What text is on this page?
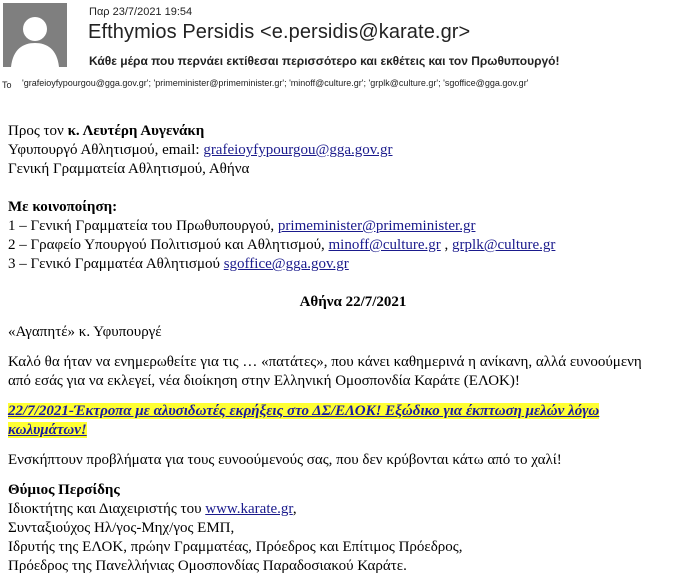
Παρ 23/7/2021 19:54
Efthymios Persidis <e.persidis@karate.gr>
Κάθε μέρα που περνάει εκτίθεσαι περισσότερο και εκθέτεις και τον Πρωθυπουργό!
To 'grafeioyfypourgou@gga.gov.gr'; 'primeminister@primeminister.gr'; 'minoff@culture.gr'; 'grplk@culture.gr'; 'sgoffice@gga.gov.gr'

Προς τον κ. Λευτέρη Αυγενάκη

Υφυπουργό Αθλητισμού, email: grafeioyfypourgou@gga.gov.gr

Γενική Γραμματεία Αθλητισμού, Αθήνα

Με κοινοποίηση:

1 – Γενική Γραμματεία του Πρωθυπουργού, primeminister@primeminister.gr

2 – Γραφείο Υπουργού Πολιτισμού και Αθλητισμού, minoff@culture.gr , grplk@culture.gr

3 – Γενικό Γραμματέα Αθλητισμού sgoffice@gga.gov.gr

Αθήνα 22/7/2021

«Αγαπητέ» κ. Υφυπουργέ

Καλό θα ήταν να ενημερωθείτε για τις … «πατάτες», που κάνει καθημερινά η ανίκανη, αλλά ευνοούμενη από εσάς για να εκλεγεί, νέα διοίκηση στην Ελληνική Ομοσπονδία Καράτε (ΕΛΟΚ)!

22/7/2021-Έκτροπα με αλυσιδωτές εκρήξεις στο ΔΣ/ΕΛΟΚ! Εξώδικο για έκπτωση μελών λόγω κωλυμάτων!

Ενσκήπτουν προβλήματα για τους ευνοούμενούς σας, που δεν κρύβονται κάτω από το χαλί!

Θύμιος Περσίδης

Ιδιοκτήτης και Διαχειριστής του www.karate.gr,

Συνταξιούχος Ηλ/γος-Μηχ/γος ΕΜΠ,

Ιδρυτής της ΕΛΟΚ, πρώην Γραμματέας, Πρόεδρος και Επίτιμος Πρόεδρος,

Πρόεδρος της Πανελλήνιας Ομοσπονδίας Παραδοσιακού Καράτε.
